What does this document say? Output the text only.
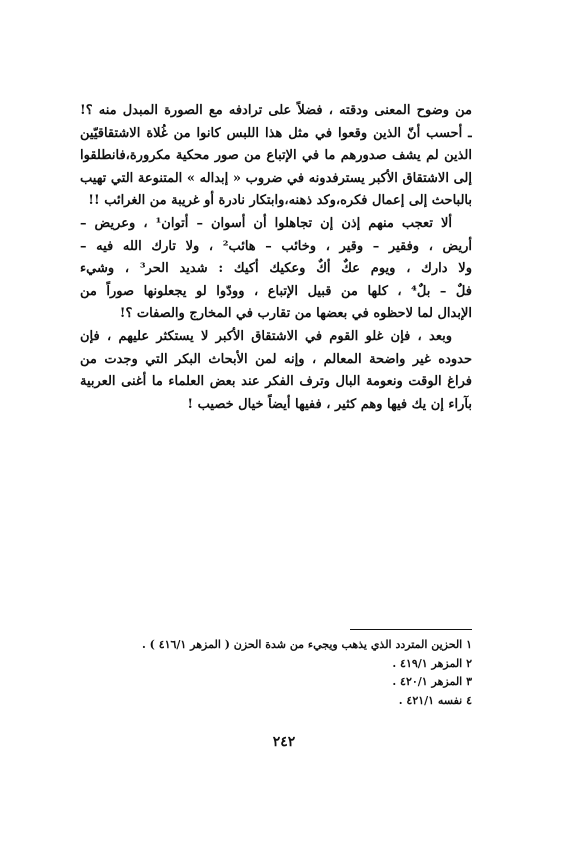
من وضوح المعنى ودقته ، فضلاً على ترادفه مع الصورة المبدل منه ؟!
ـ أحسب أنّ الذين وقعوا في مثل هذا اللبس كانوا من غُلاة الاشتقاقيّين
الذين لم يشف صدورهم ما في الإتباع من صور محكية مكرورة،فانطلقوا
إلى الاشتقاق الأكبر يسترفدونه في ضروب « إبداله » المتنوعة التي تهيب
بالباحث إلى إعمال فكره،وكد ذهنه،وابتكار نادرة أو غريبة من الغرائب !!
ألا تعجب منهم إذن إن تجاهلوا أن أسوان – أتوان¹ ، وعريض –
أريض ، وفقير – وقير ، وخائب – هائب² ، ولا تارك الله فيه –
ولا دارك ، ويوم عكٌ أكٌ وعكيك أكيك : شديد الحر³ ، وشيء
فلٌ – بلٌ⁴ ، كلها من قبيل الإتباع ، وودّوا لو يجعلونها صوراً من
الإبدال لما لاحظوه في بعضها من تقارب في المخارج والصفات ؟!
وبعد ، فإن غلو القوم في الاشتقاق الأكبر لا يستكثر عليهم ، فإن
حدوده غير واضحة المعالم ، وإنه لمن الأبحاث البكر التي وجدت من
فراغ الوقت ونعومة البال وترف الفكر عند بعض العلماء ما أغنى العربية
بآراء إن يك فيها وهم كثير ، ففيها أيضاً خيال خصيب !
١ الحزين المتردد الذي يذهب ويجيء من شدة الحزن ( المزهر ٤١٦/١ ) .
٢ المزهر ٤١٩/١ .
٣ المزهر ٤٢٠/١ .
٤ نفسه ٤٢١/١ .
٢٤٢
